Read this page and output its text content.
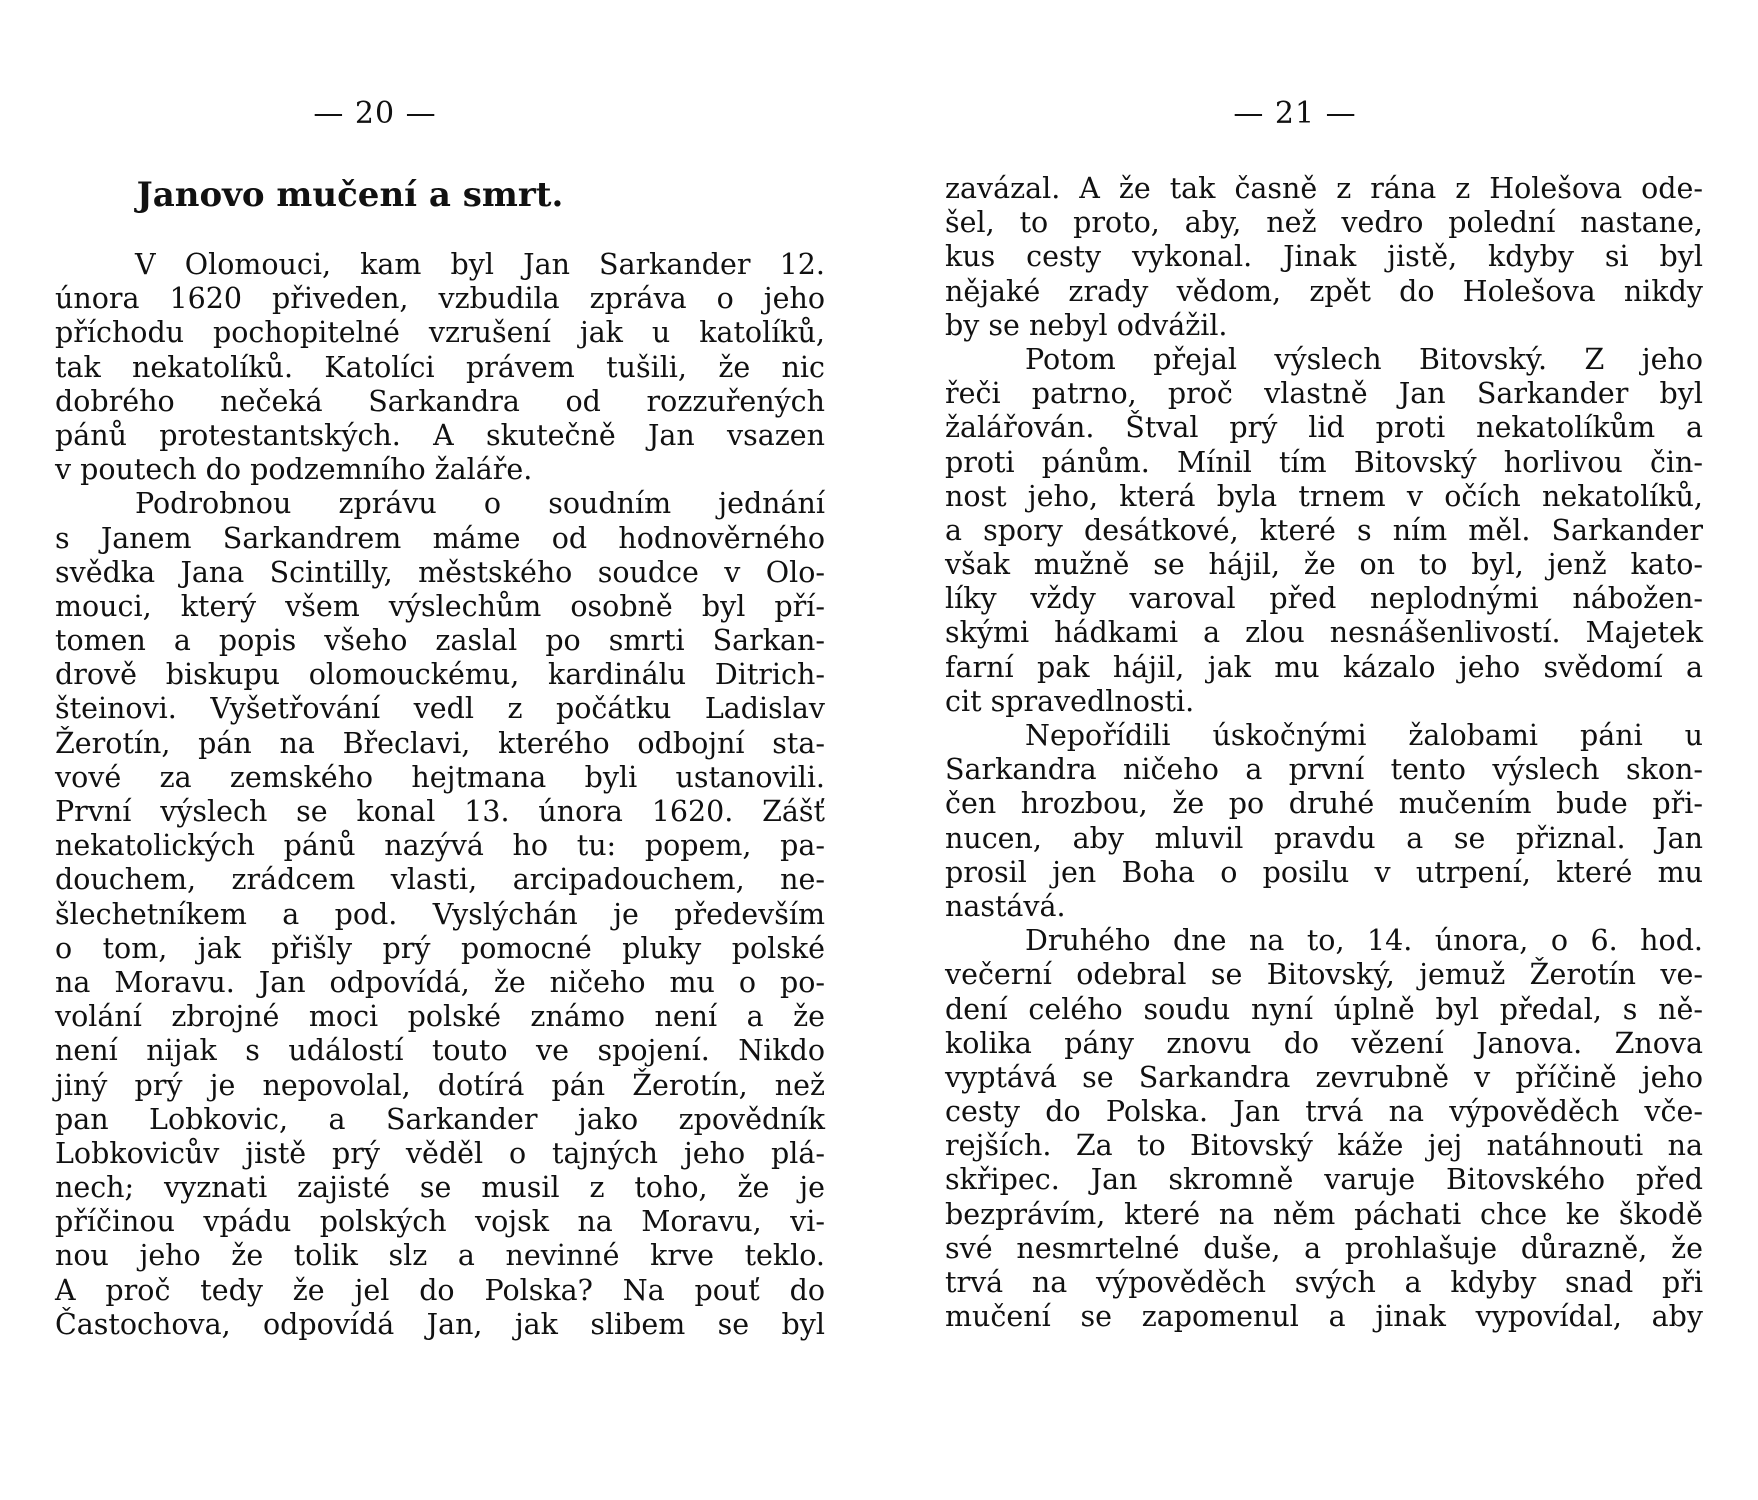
— 20 —
Janovo mučení a smrt.
V Olomouci, kam byl Jan Sarkander 12.
února 1620 přiveden, vzbudila zpráva o jeho
příchodu pochopitelné vzrušení jak u katolíků,
tak nekatolíků. Katolíci právem tušili, že nic
dobrého nečeká Sarkandra od rozzuřených
pánů protestantských. A skutečně Jan vsazen
v poutech do podzemního žaláře.
Podrobnou zprávu o soudním jednání
s Janem Sarkandrem máme od hodnověrného
svědka Jana Scintilly, městského soudce v Olo-
mouci, který všem výslechům osobně byl pří-
tomen a popis všeho zaslal po smrti Sarkan-
drově biskupu olomouckému, kardinálu Ditrich-
šteinovi. Vyšetřování vedl z počátku Ladislav
Žerotín, pán na Břeclavi, kterého odbojní sta-
vové za zemského hejtmana byli ustanovili.
První výslech se konal 13. února 1620. Zášť
nekatolických pánů nazývá ho tu: popem, pa-
douchem, zrádcem vlasti, arcipadouchem, ne-
šlechetníkem a pod. Vyslýchán je především
o tom, jak přišly prý pomocné pluky polské
na Moravu. Jan odpovídá, že ničeho mu o po-
volání zbrojné moci polské známo není a že
není nijak s událostí touto ve spojení. Nikdo
jiný prý je nepovolal, dotírá pán Žerotín, než
pan Lobkovic, a Sarkander jako zpovědník
Lobkovicův jistě prý věděl o tajných jeho plá-
nech; vyznati zajisté se musil z toho, že je
příčinou vpádu polských vojsk na Moravu, vi-
nou jeho že tolik slz a nevinné krve teklo.
A proč tedy že jel do Polska? Na pouť do
Častochova, odpovídá Jan, jak slibem se byl
— 21 —
zavázal. A že tak časně z rána z Holešova ode-
šel, to proto, aby, než vedro polední nastane,
kus cesty vykonal. Jinak jistě, kdyby si byl
nějaké zrady vědom, zpět do Holešova nikdy
by se nebyl odvážil.
Potom přejal výslech Bitovský. Z jeho
řeči patrno, proč vlastně Jan Sarkander byl
žalářován. Štval prý lid proti nekatolíkům a
proti pánům. Mínil tím Bitovský horlivou čin-
nost jeho, která byla trnem v očích nekatolíků,
a spory desátkové, které s ním měl. Sarkander
však mužně se hájil, že on to byl, jenž kato-
líky vždy varoval před neplodnými nábožen-
skými hádkami a zlou nesnášenlivostí. Majetek
farní pak hájil, jak mu kázalo jeho svědomí a
cit spravedlnosti.
Nepořídili úskočnými žalobami páni u
Sarkandra ničeho a první tento výslech skon-
čen hrozbou, že po druhé mučením bude při-
nucen, aby mluvil pravdu a se přiznal. Jan
prosil jen Boha o posilu v utrpení, které mu
nastává.
Druhého dne na to, 14. února, o 6. hod.
večerní odebral se Bitovský, jemuž Žerotín ve-
dení celého soudu nyní úplně byl předal, s ně-
kolika pány znovu do vězení Janova. Znova
vyptává se Sarkandra zevrubně v příčině jeho
cesty do Polska. Jan trvá na výpověděch vče-
rejších. Za to Bitovský káže jej natáhnouti na
skřipec. Jan skromně varuje Bitovského před
bezprávím, které na něm páchati chce ke škodě
své nesmrtelné duše, a prohlašuje důrazně, že
trvá na výpověděch svých a kdyby snad při
mučení se zapomenul a jinak vypovídal, aby
